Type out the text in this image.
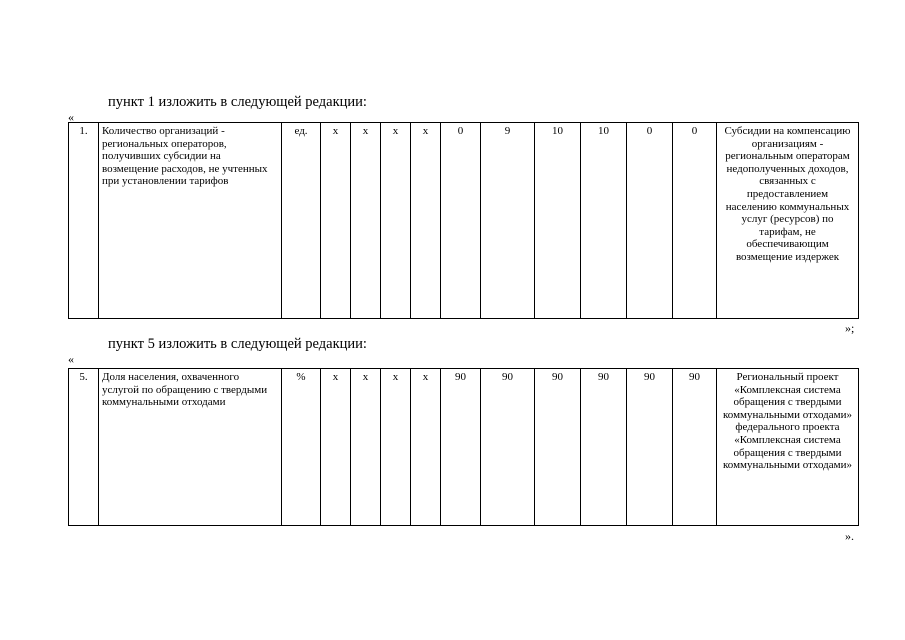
пункт 1 изложить в следующей редакции:
«
1.	Количество организаций - региональных операторов, получивших субсидии на возмещение расходов, не учтенных при установлении тарифов	ед.	х	х	х	х	0	9	10	10	0	0	Субсидии на компенсацию организациям - региональным операторам недополученных доходов, связанных с предоставлением населению коммунальных услуг (ресурсов) по тарифам, не обеспечивающим возмещение издержек
»;
пункт 5 изложить в следующей редакции:
«
5.	Доля населения, охваченного услугой по обращению с твердыми коммунальными отходами	%	х	х	х	х	90	90	90	90	90	90	Региональный проект «Комплексная система обращения с твердыми коммунальными отходами» федерального проекта «Комплексная система обращения с твердыми коммунальными отходами»
».
